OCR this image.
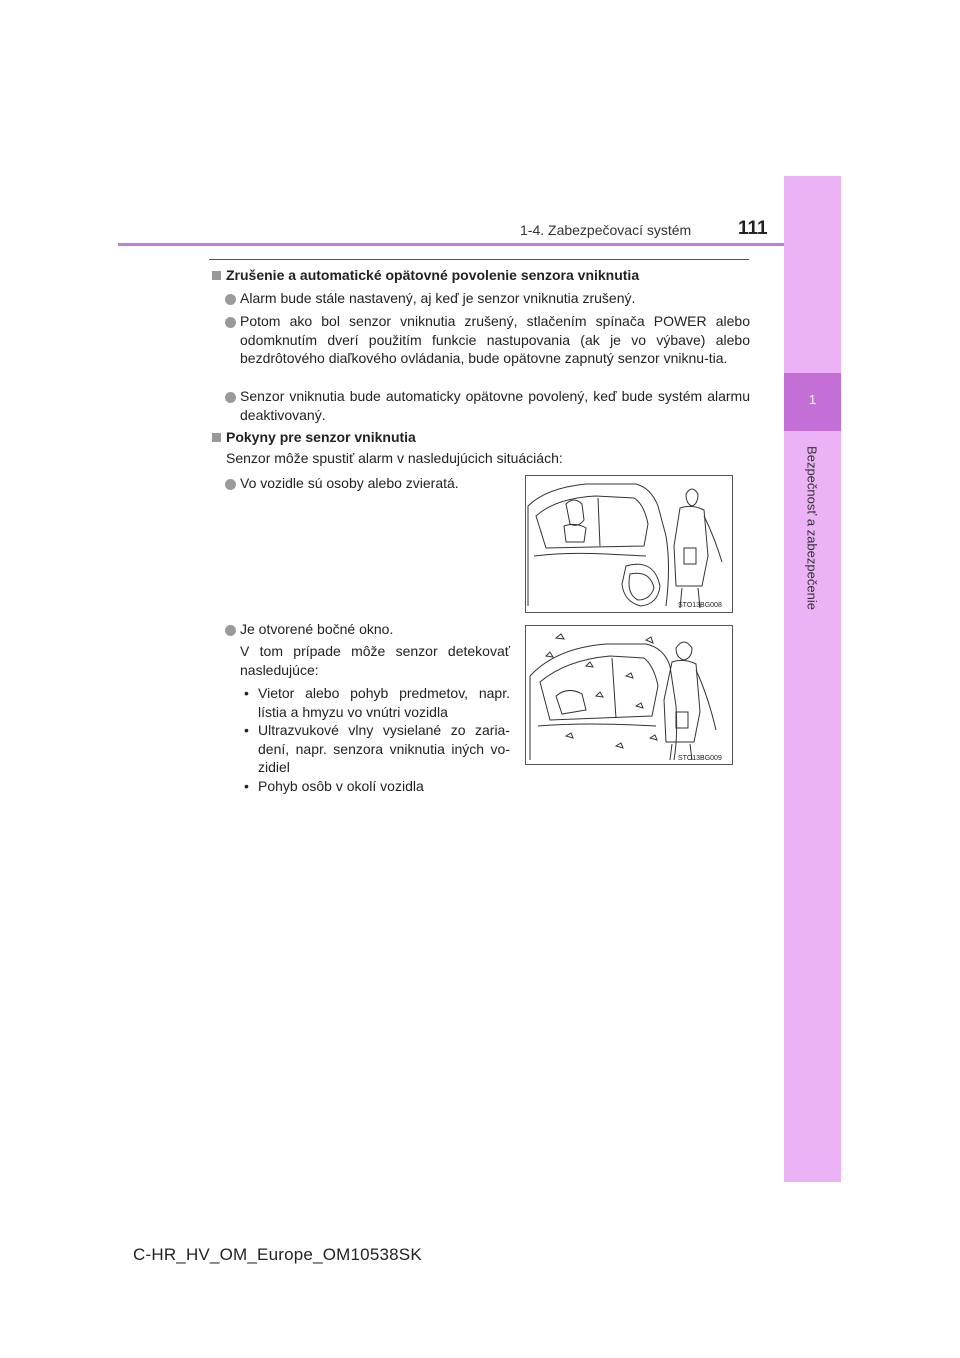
1-4. Zabezpečovací systém 111
1
Bezpečnosť a zabezpečenie
Zrušenie a automatické opätovné povolenie senzora vniknutia
Alarm bude stále nastavený, aj keď je senzor vniknutia zrušený.
Potom ako bol senzor vniknutia zrušený, stlačením spínača POWER alebo odomknutím dverí použitím funkcie nastupovania (ak je vo výbave) alebo bezdrôtového diaľkového ovládania, bude opätovne zapnutý senzor vniknu-tia.
Senzor vniknutia bude automaticky opätovne povolený, keď bude systém alarmu deaktivovaný.
Pokyny pre senzor vniknutia
Senzor môže spustiť alarm v nasledujúcich situáciách:
Vo vozidle sú osoby alebo zvieratá.
STO13BG008
Je otvorené bočné okno.
V tom prípade môže senzor detekovať nasledujúce:
• Vietor alebo pohyb predmetov, napr. lístia a hmyzu vo vnútri vozidla
• Ultrazvukové vlny vysielané zo zaria-dení, napr. senzora vniknutia iných vo-zidiel
• Pohyb osôb v okolí vozidla
STO13BG009
C-HR_HV_OM_Europe_OM10538SK
